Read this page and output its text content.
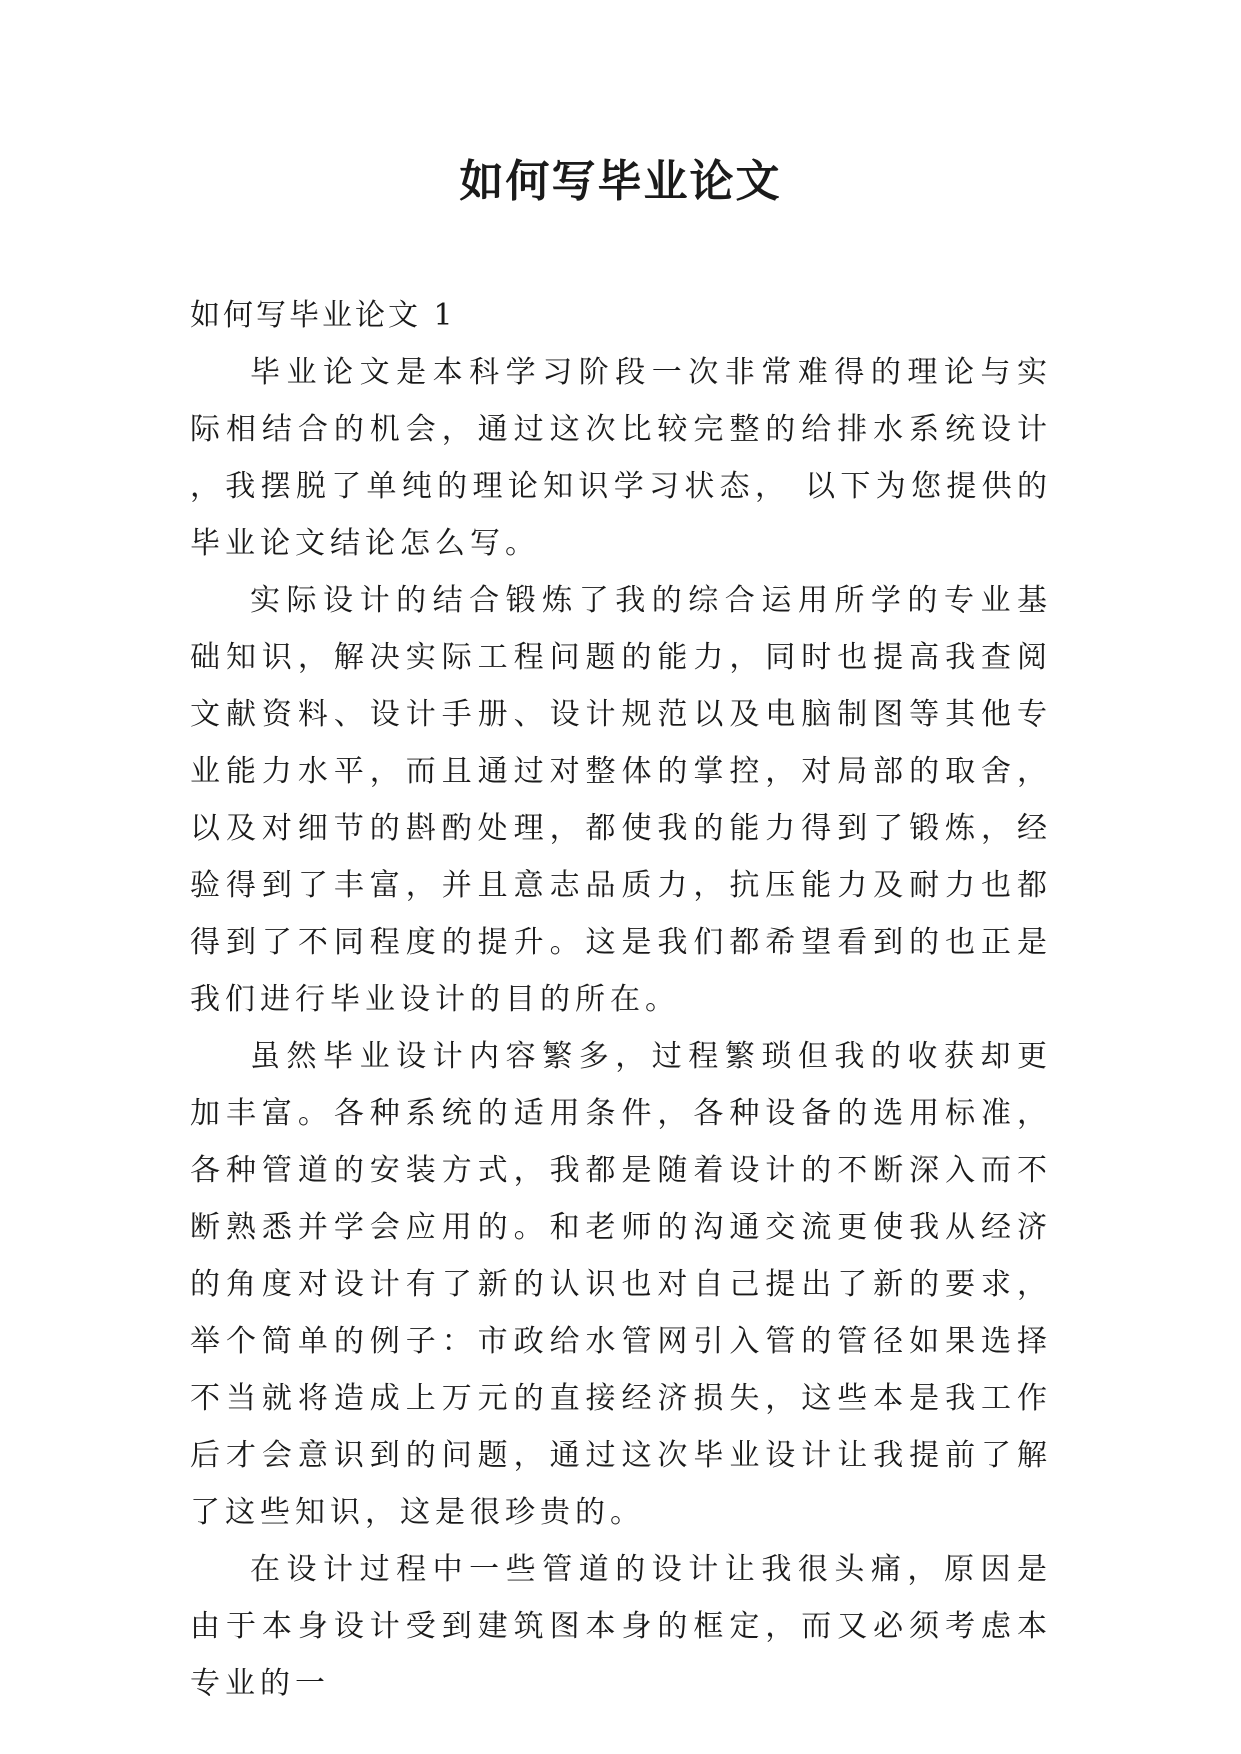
如何写毕业论文

如何写毕业论文 1

毕业论文是本科学习阶段一次非常难得的理论与实际相结合的机会，通过这次比较完整的给排水系统设计，我摆脱了单纯的理论知识学习状态， 以下为您提供的毕业论文结论怎么写。

实际设计的结合锻炼了我的综合运用所学的专业基础知识，解决实际工程问题的能力，同时也提高我查阅文献资料、设计手册、设计规范以及电脑制图等其他专业能力水平，而且通过对整体的掌控，对局部的取舍，以及对细节的斟酌处理，都使我的能力得到了锻炼，经验得到了丰富，并且意志品质力，抗压能力及耐力也都得到了不同程度的提升。这是我们都希望看到的也正是我们进行毕业设计的目的所在。

虽然毕业设计内容繁多，过程繁琐但我的收获却更加丰富。各种系统的适用条件，各种设备的选用标准，各种管道的安装方式，我都是随着设计的不断深入而不断熟悉并学会应用的。和老师的沟通交流更使我从经济的角度对设计有了新的认识也对自己提出了新的要求，举个简单的例子：市政给水管网引入管的管径如果选择不当就将造成上万元的直接经济损失，这些本是我工作后才会意识到的问题，通过这次毕业设计让我提前了解了这些知识，这是很珍贵的。

在设计过程中一些管道的设计让我很头痛，原因是由于本身设计受到建筑图本身的框定，而又必须考虑本专业的一
